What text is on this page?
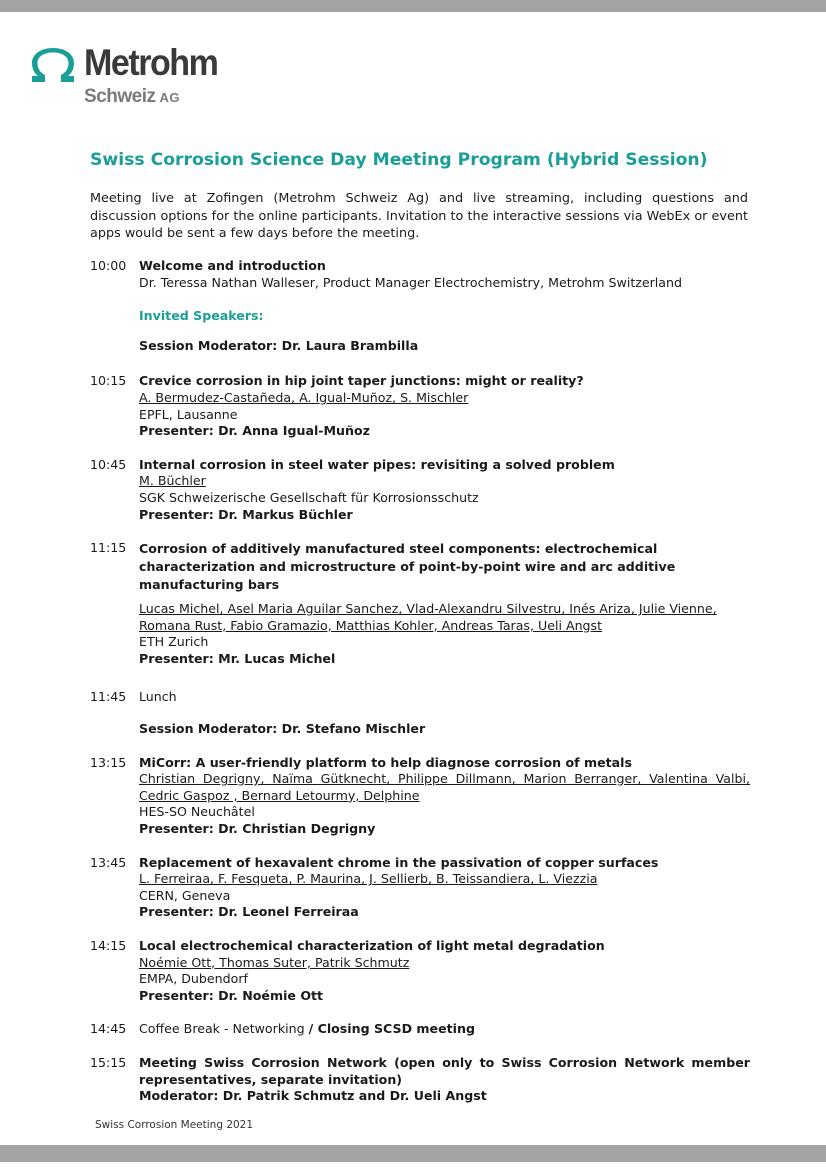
Metrohm
Schweiz AG
Swiss Corrosion Science Day Meeting Program (Hybrid Session)
Meeting live at Zofingen (Metrohm Schweiz Ag) and live streaming, including questions and discussion options for the online participants. Invitation to the interactive sessions via WebEx or event apps would be sent a few days before the meeting.
10:00 Welcome and introduction
Dr. Teressa Nathan Walleser, Product Manager Electrochemistry, Metrohm Switzerland
Invited Speakers:
Session Moderator: Dr. Laura Brambilla
10:15 Crevice corrosion in hip joint taper junctions: might or reality?
A. Bermudez-Castañeda, A. Igual-Muñoz, S. Mischler
EPFL, Lausanne
Presenter: Dr. Anna Igual-Muñoz
10:45 Internal corrosion in steel water pipes: revisiting a solved problem
M. Büchler
SGK Schweizerische Gesellschaft für Korrosionsschutz
Presenter: Dr. Markus Büchler
11:15 Corrosion of additively manufactured steel components: electrochemical characterization and microstructure of point-by-point wire and arc additive manufacturing bars
Lucas Michel, Asel Maria Aguilar Sanchez, Vlad-Alexandru Silvestru, Inés Ariza, Julie Vienne, Romana Rust, Fabio Gramazio, Matthias Kohler, Andreas Taras, Ueli Angst
ETH Zurich
Presenter: Mr. Lucas Michel
11:45 Lunch
Session Moderator: Dr. Stefano Mischler
13:15 MiCorr: A user-friendly platform to help diagnose corrosion of metals
Christian Degrigny, Naïma Gütknecht, Philippe Dillmann, Marion Berranger, Valentina Valbi, Cedric Gaspoz , Bernard Letourmy, Delphine
HES-SO Neuchâtel
Presenter: Dr. Christian Degrigny
13:45 Replacement of hexavalent chrome in the passivation of copper surfaces
L. Ferreiraa, F. Fesqueta, P. Maurina, J. Sellierb, B. Teissandiera, L. Viezzia
CERN, Geneva
Presenter: Dr. Leonel Ferreiraa
14:15 Local electrochemical characterization of light metal degradation
Noémie Ott, Thomas Suter, Patrik Schmutz
EMPA, Dubendorf
Presenter: Dr. Noémie Ott
14:45 Coffee Break - Networking / Closing SCSD meeting
15:15 Meeting Swiss Corrosion Network (open only to Swiss Corrosion Network member representatives, separate invitation)
Moderator: Dr. Patrik Schmutz and Dr. Ueli Angst
Swiss Corrosion Meeting 2021
